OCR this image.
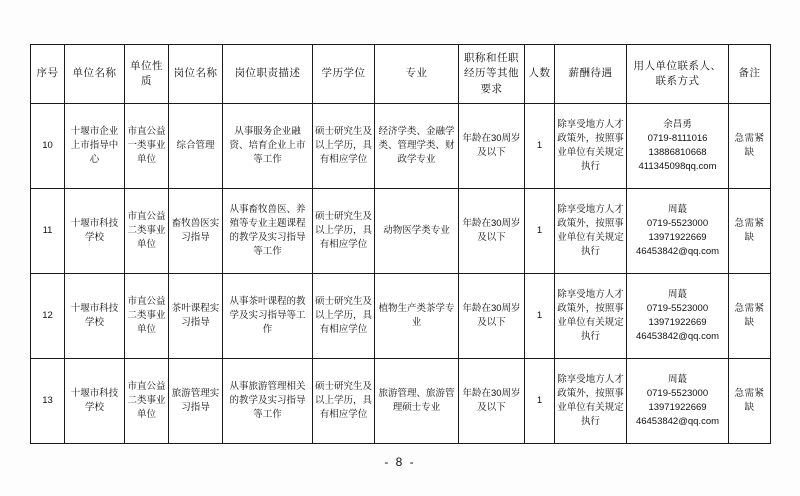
序号	单位名称	单位性质	岗位名称	岗位职责描述	学历学位	专业	职称和任职经历等其他要求	人数	薪酬待遇	用人单位联系人、联系方式	备注
10	十堰市企业上市指导中心	市直公益一类事业单位	综合管理	从事服务企业融资、培育企业上市等工作	硕士研究生及以上学历，具有相应学位	经济学类、金融学类、管理学类、财政学专业	年龄在30周岁及以下	1	除享受地方人才政策外，按照事业单位有关规定执行	余昌勇
0719-8111016
13886810668
411345098qq.com	急需紧缺
11	十堰市科技学校	市直公益二类事业单位	畜牧兽医实习指导	从事畜牧兽医、养殖等专业主题课程的教学及实习指导等工作	硕士研究生及以上学历，具有相应学位	动物医学类专业	年龄在30周岁及以下	1	除享受地方人才政策外，按照事业单位有关规定执行	周蕞
0719-5523000
13971922669
46453842@qq.com	急需紧缺
12	十堰市科技学校	市直公益二类事业单位	茶叶课程实习指导	从事茶叶课程的教学及实习指导等工作	硕士研究生及以上学历，具有相应学位	植物生产类茶学专业	年龄在30周岁及以下	1	除享受地方人才政策外，按照事业单位有关规定执行	周蕞
0719-5523000
13971922669
46453842@qq.com	急需紧缺
13	十堰市科技学校	市直公益二类事业单位	旅游管理实习指导	从事旅游管理相关的教学及实习指导等工作	硕士研究生及以上学历，具有相应学位	旅游管理、旅游管理硕士专业	年龄在30周岁及以下	1	除享受地方人才政策外，按照事业单位有关规定执行	周蕞
0719-5523000
13971922669
46453842@qq.com	急需紧缺
- 8 -
